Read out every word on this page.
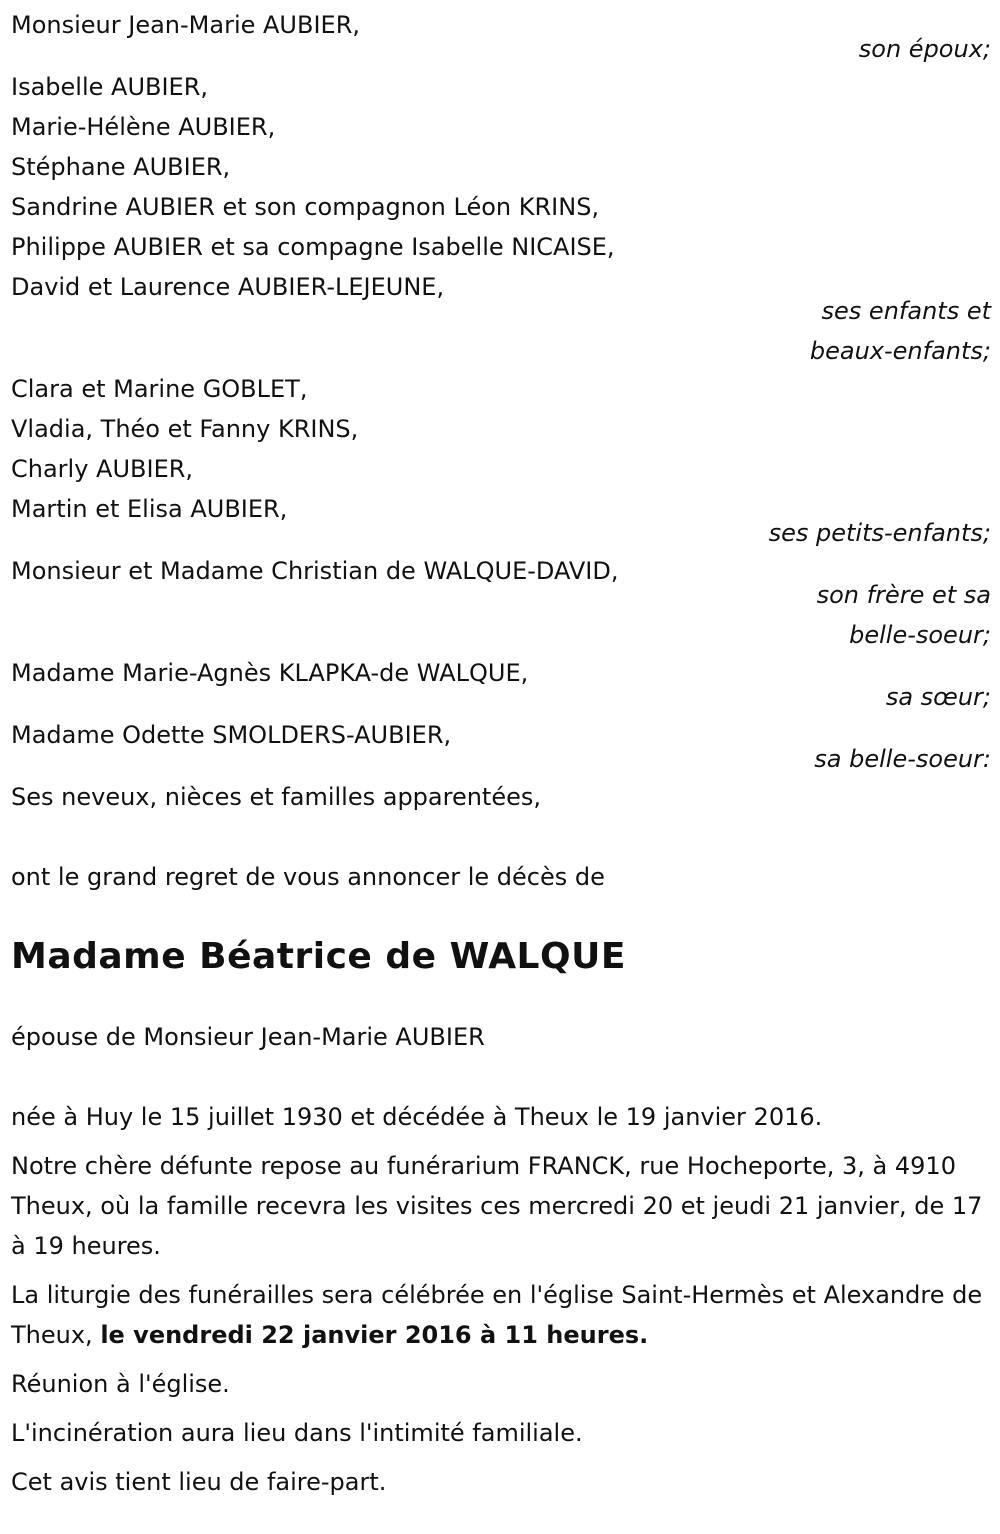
Monsieur Jean-Marie AUBIER,
son époux;
Isabelle AUBIER,
Marie-Hélène AUBIER,
Stéphane AUBIER,
Sandrine AUBIER et son compagnon Léon KRINS,
Philippe AUBIER et sa compagne Isabelle NICAISE,
David et Laurence AUBIER-LEJEUNE,
ses enfants et
beaux-enfants;
Clara et Marine GOBLET,
Vladia, Théo et Fanny KRINS,
Charly AUBIER,
Martin et Elisa AUBIER,
ses petits-enfants;
Monsieur et Madame Christian de WALQUE-DAVID,
son frère et sa
belle-soeur;
Madame Marie-Agnès KLAPKA-de WALQUE,
sa sœur;
Madame Odette SMOLDERS-AUBIER,
sa belle-soeur:
Ses neveux, nièces et familles apparentées,
ont le grand regret de vous annoncer le décès de
Madame Béatrice de WALQUE
épouse de Monsieur Jean-Marie AUBIER
née à Huy le 15 juillet 1930 et décédée à Theux le 19 janvier 2016.
Notre chère défunte repose au funérarium FRANCK, rue Hocheporte, 3, à 4910 Theux, où la famille recevra les visites ces mercredi 20 et jeudi 21 janvier, de 17 à 19 heures.
La liturgie des funérailles sera célébrée en l'église Saint-Hermès et Alexandre de Theux, le vendredi 22 janvier 2016 à 11 heures.
Réunion à l'église.
L'incinération aura lieu dans l'intimité familiale.
Cet avis tient lieu de faire-part.
